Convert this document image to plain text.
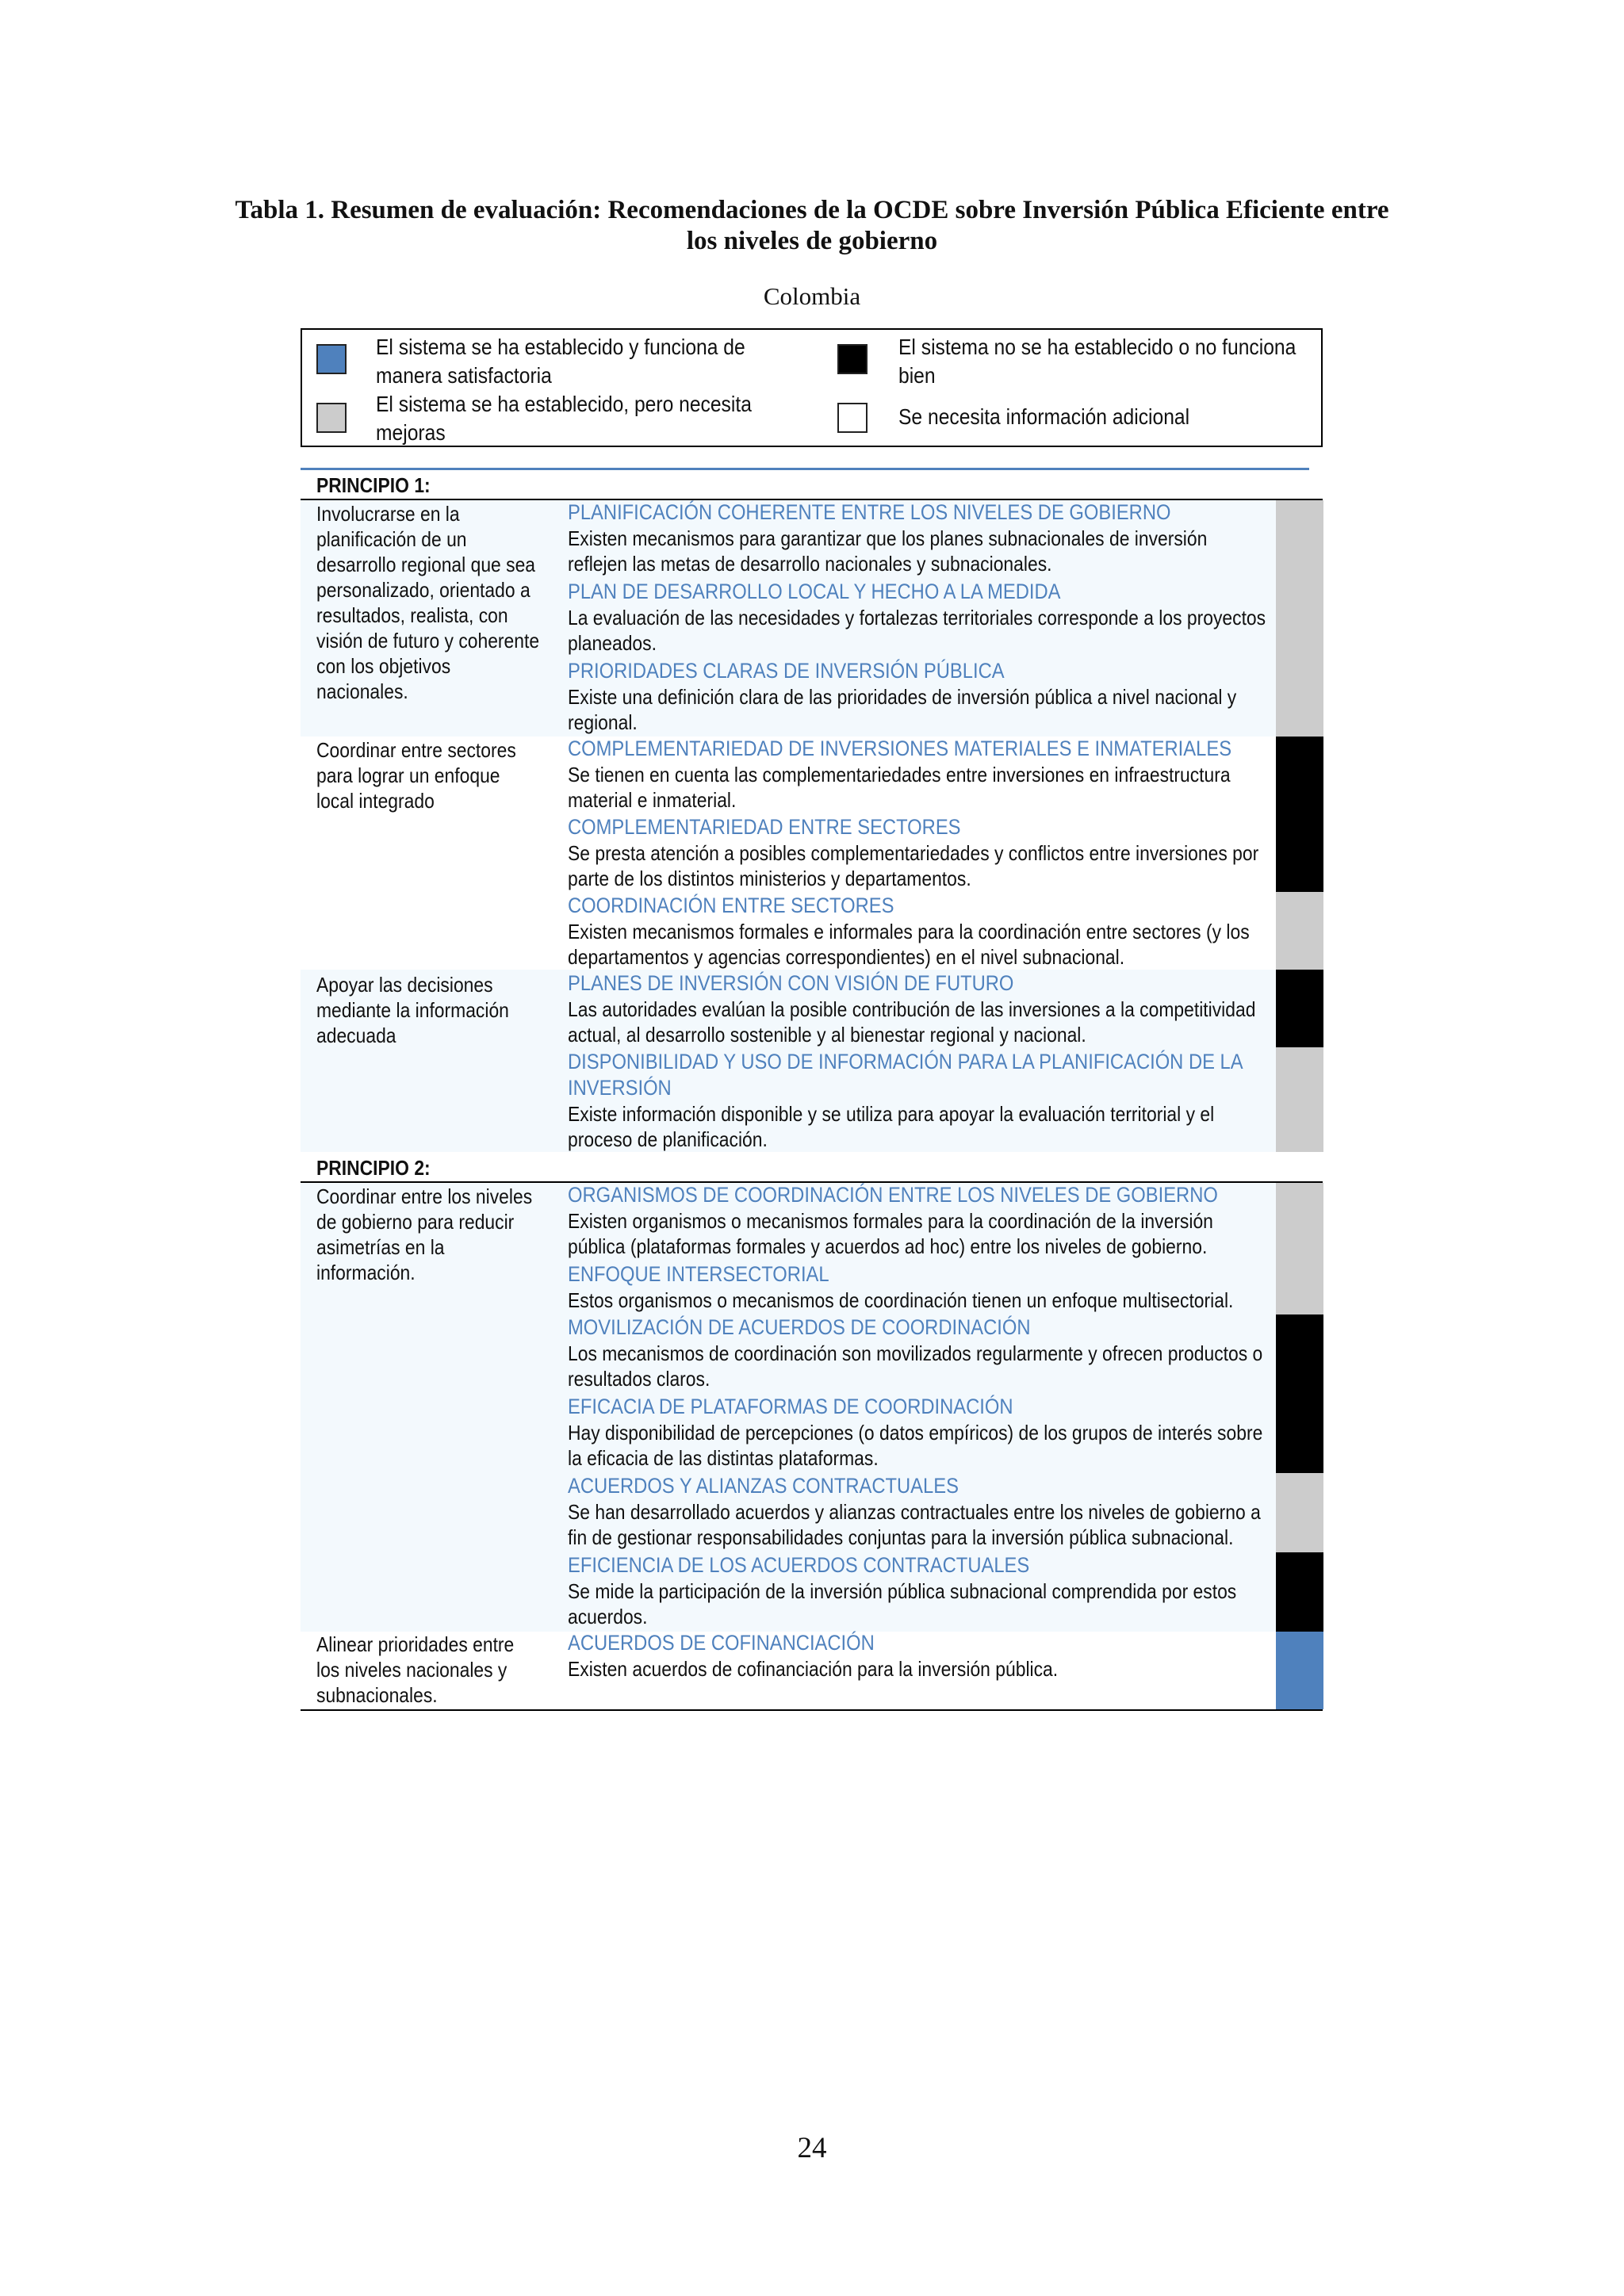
Tabla 1. Resumen de evaluación: Recomendaciones de la OCDE sobre Inversión Pública Eficiente entre
los niveles de gobierno
Colombia
El sistema se ha establecido y funciona de
manera satisfactoria
El sistema se ha establecido, pero necesita
mejoras
El sistema no se ha establecido o no funciona
bien
Se necesita información adicional
PRINCIPIO 1:
Involucrarse en la
planificación de un
desarrollo regional que sea
personalizado, orientado a
resultados, realista, con
visión de futuro y coherente
con los objetivos
nacionales.
PLANIFICACIÓN COHERENTE ENTRE LOS NIVELES DE GOBIERNO
Existen mecanismos para garantizar que los planes subnacionales de inversión
reflejen las metas de desarrollo nacionales y subnacionales.
PLAN DE DESARROLLO LOCAL Y HECHO A LA MEDIDA
La evaluación de las necesidades y fortalezas territoriales corresponde a los proyectos
planeados.
PRIORIDADES CLARAS DE INVERSIÓN PÚBLICA
Existe una definición clara de las prioridades de inversión pública a nivel nacional y
regional.
Coordinar entre sectores
para lograr un enfoque
local integrado
COMPLEMENTARIEDAD DE INVERSIONES MATERIALES E INMATERIALES
Se tienen en cuenta las complementariedades entre inversiones en infraestructura
material e inmaterial.
COMPLEMENTARIEDAD ENTRE SECTORES
Se presta atención a posibles complementariedades y conflictos entre inversiones por
parte de los distintos ministerios y departamentos.
COORDINACIÓN ENTRE SECTORES
Existen mecanismos formales e informales para la coordinación entre sectores (y los
departamentos y agencias correspondientes) en el nivel subnacional.
Apoyar las decisiones
mediante la información
adecuada
PLANES DE INVERSIÓN CON VISIÓN DE FUTURO
Las autoridades evalúan la posible contribución de las inversiones a la competitividad
actual, al desarrollo sostenible y al bienestar regional y nacional.
DISPONIBILIDAD Y USO DE INFORMACIÓN PARA LA PLANIFICACIÓN DE LA
INVERSIÓN
Existe información disponible y se utiliza para apoyar la evaluación territorial y el
proceso de planificación.
PRINCIPIO 2:
Coordinar entre los niveles
de gobierno para reducir
asimetrías en la
información.
ORGANISMOS DE COORDINACIÓN ENTRE LOS NIVELES DE GOBIERNO
Existen organismos o mecanismos formales para la coordinación de la inversión
pública (plataformas formales y acuerdos ad hoc) entre los niveles de gobierno.
ENFOQUE INTERSECTORIAL
Estos organismos o mecanismos de coordinación tienen un enfoque multisectorial.
MOVILIZACIÓN DE ACUERDOS DE COORDINACIÓN
Los mecanismos de coordinación son movilizados regularmente y ofrecen productos o
resultados claros.
EFICACIA DE PLATAFORMAS DE COORDINACIÓN
Hay disponibilidad de percepciones (o datos empíricos) de los grupos de interés sobre
la eficacia de las distintas plataformas.
ACUERDOS Y ALIANZAS CONTRACTUALES
Se han desarrollado acuerdos y alianzas contractuales entre los niveles de gobierno a
fin de gestionar responsabilidades conjuntas para la inversión pública subnacional.
EFICIENCIA DE LOS ACUERDOS CONTRACTUALES
Se mide la participación de la inversión pública subnacional comprendida por estos
acuerdos.
Alinear prioridades entre
los niveles nacionales y
subnacionales.
ACUERDOS DE COFINANCIACIÓN
Existen acuerdos de cofinanciación para la inversión pública.
24
